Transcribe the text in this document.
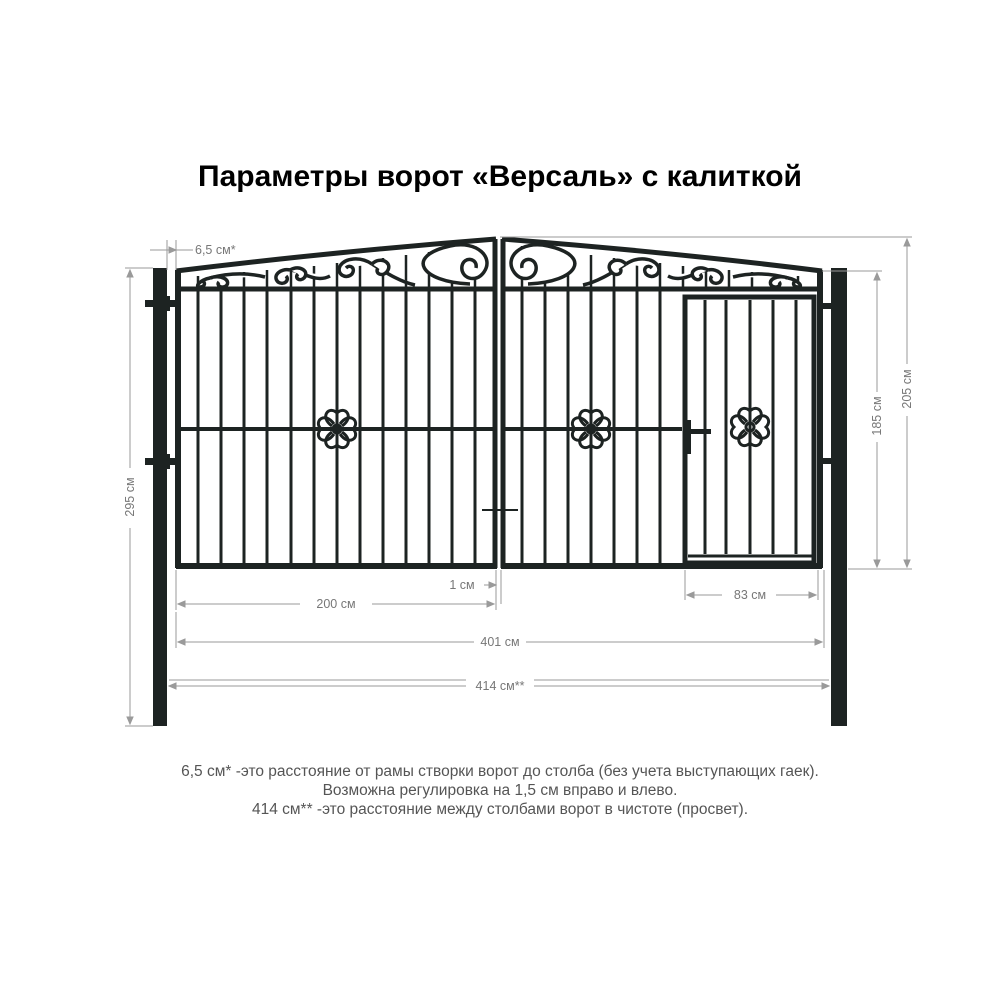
Параметры ворот «Версаль» с калиткой
6,5 см*
200 см
1 см
83 см
401 см
414 см**
295 см
185 см
205 см
6,5 см* -это расстояние от рамы створки ворот до столба (без учета выступающих гаек).
Возможна регулировка на 1,5 см вправо и влево.
414 см** -это расстояние между столбами ворот в чистоте (просвет).
